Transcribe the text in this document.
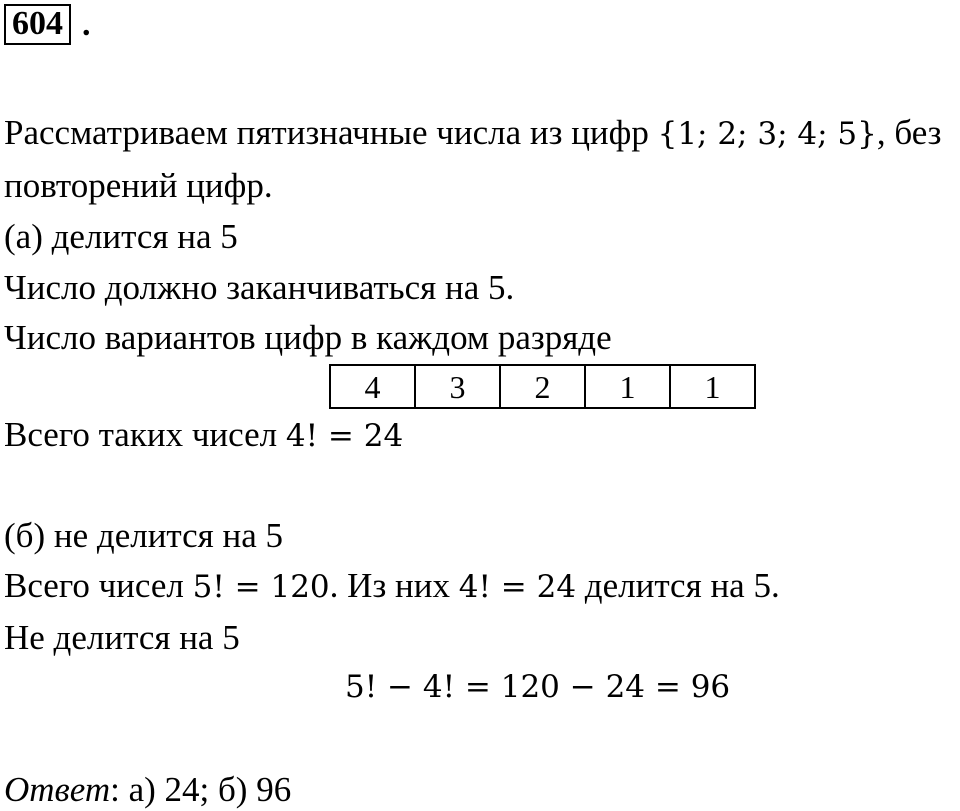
604 .
Рассматриваем пятизначные числа из цифр {1; 2; 3; 4; 5}, без
повторений цифр.
(а) делится на 5
Число должно заканчиваться на 5.
Число вариантов цифр в каждом разряде
4	3	2	1	1
Всего таких чисел 4! = 24
(б) не делится на 5
Всего чисел 5! = 120. Из них 4! = 24 делится на 5.
Не делится на 5
5! − 4! = 120 − 24 = 96
Ответ: а) 24; б) 96
